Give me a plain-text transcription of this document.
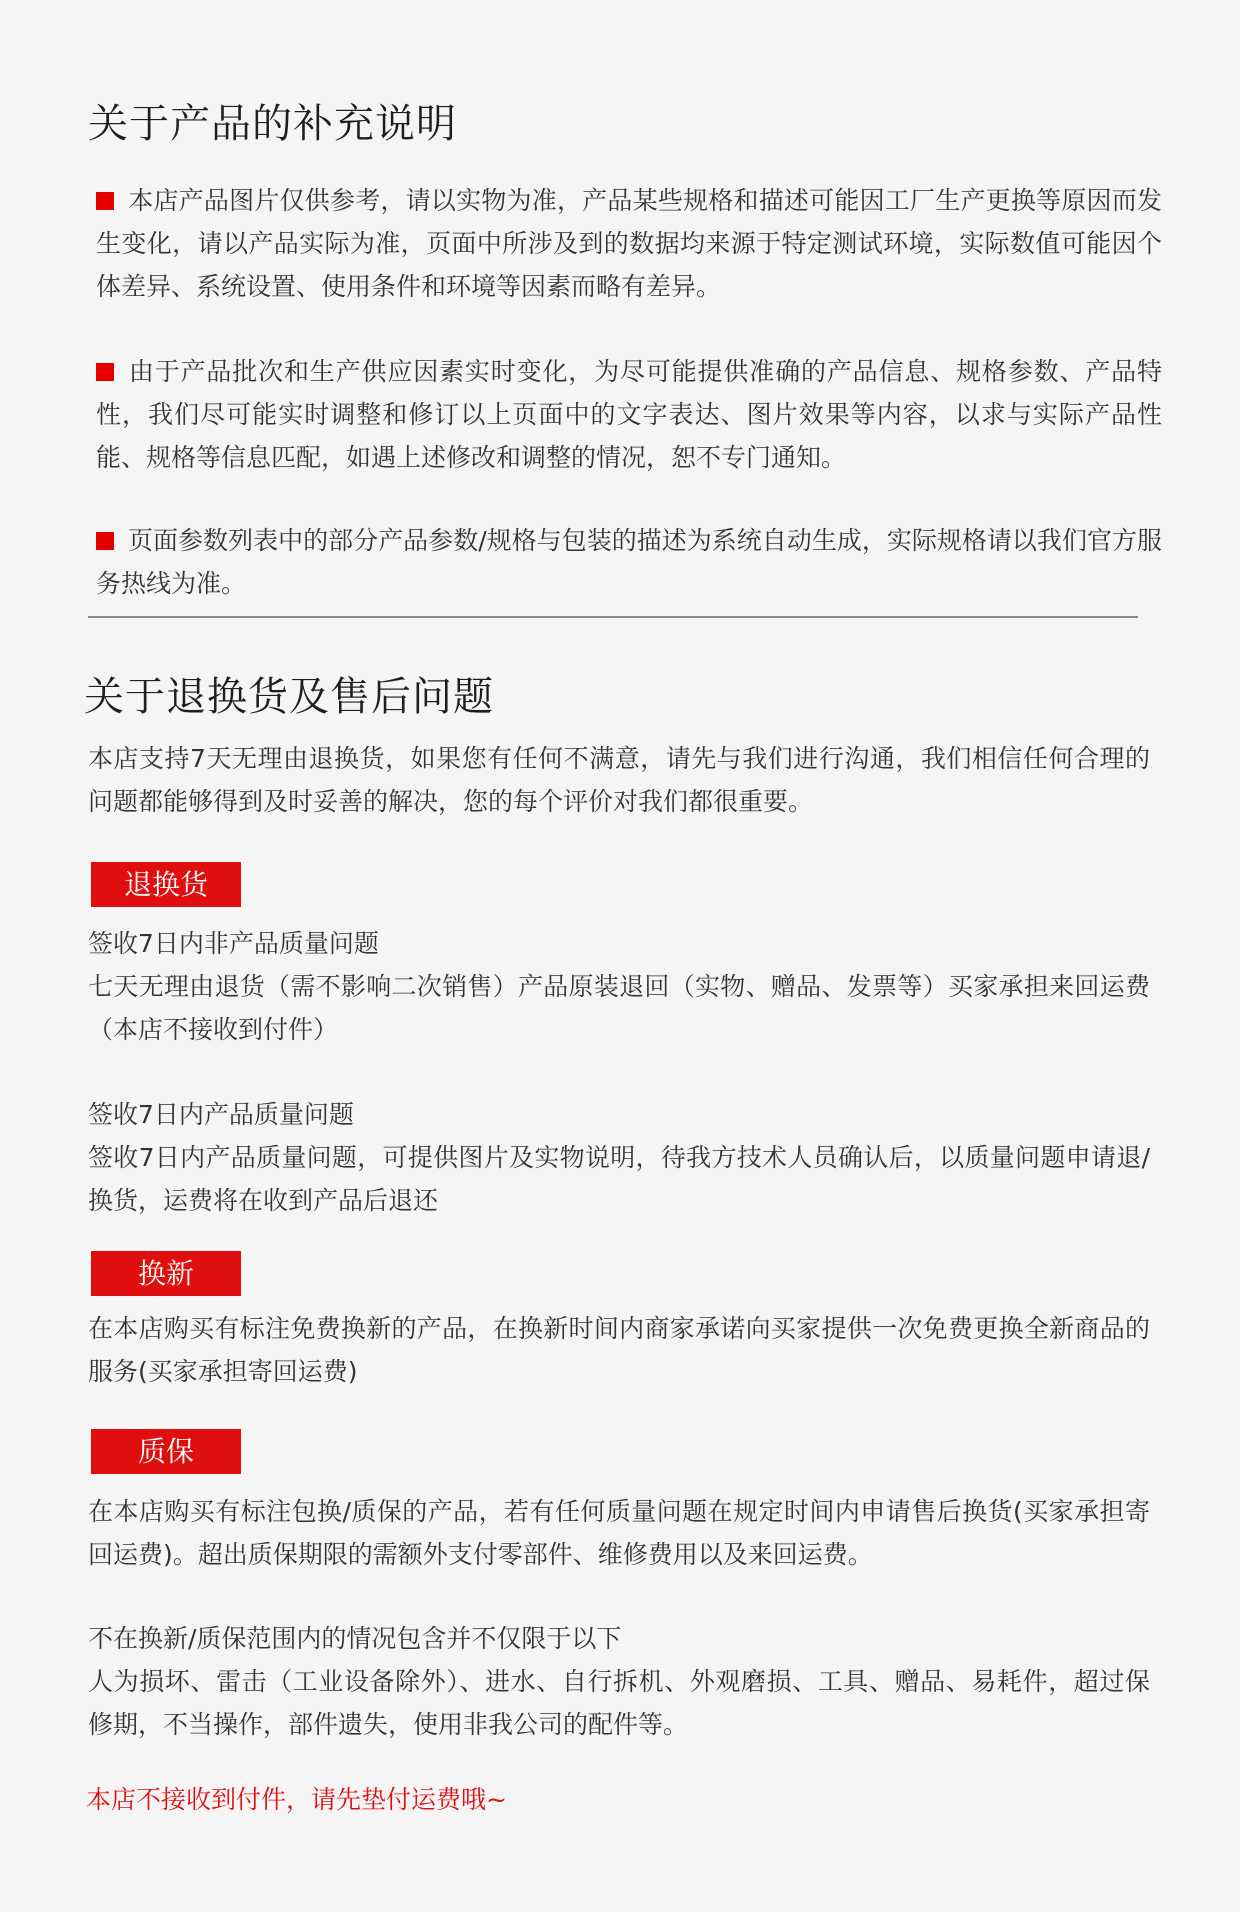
关于产品的补充说明

本店产品图片仅供参考，请以实物为准，产品某些规格和描述可能因工厂生产更换等原因而发生变化，请以产品实际为准，页面中所涉及到的数据均来源于特定测试环境，实际数值可能因个体差异、系统设置、使用条件和环境等因素而略有差异。

由于产品批次和生产供应因素实时变化，为尽可能提供准确的产品信息、规格参数、产品特性，我们尽可能实时调整和修订以上页面中的文字表达、图片效果等内容，以求与实际产品性能、规格等信息匹配，如遇上述修改和调整的情况，恕不专门通知。

页面参数列表中的部分产品参数/规格与包装的描述为系统自动生成，实际规格请以我们官方服务热线为准。

关于退换货及售后问题

本店支持7天无理由退换货，如果您有任何不满意，请先与我们进行沟通，我们相信任何合理的问题都能够得到及时妥善的解决，您的每个评价对我们都很重要。

退换货

签收7日内非产品质量问题

七天无理由退货（需不影响二次销售）产品原装退回（实物、赠品、发票等）买家承担来回运费（本店不接收到付件）

签收7日内产品质量问题

签收7日内产品质量问题，可提供图片及实物说明，待我方技术人员确认后，以质量问题申请退/换货，运费将在收到产品后退还

换新

在本店购买有标注免费换新的产品，在换新时间内商家承诺向买家提供一次免费更换全新商品的服务(买家承担寄回运费)

质保

在本店购买有标注包换/质保的产品，若有任何质量问题在规定时间内申请售后换货(买家承担寄回运费)。超出质保期限的需额外支付零部件、维修费用以及来回运费。

不在换新/质保范围内的情况包含并不仅限于以下

人为损坏、雷击（工业设备除外）、进水、自行拆机、外观磨损、工具、赠品、易耗件，超过保修期，不当操作，部件遗失，使用非我公司的配件等。

本店不接收到付件，请先垫付运费哦~
